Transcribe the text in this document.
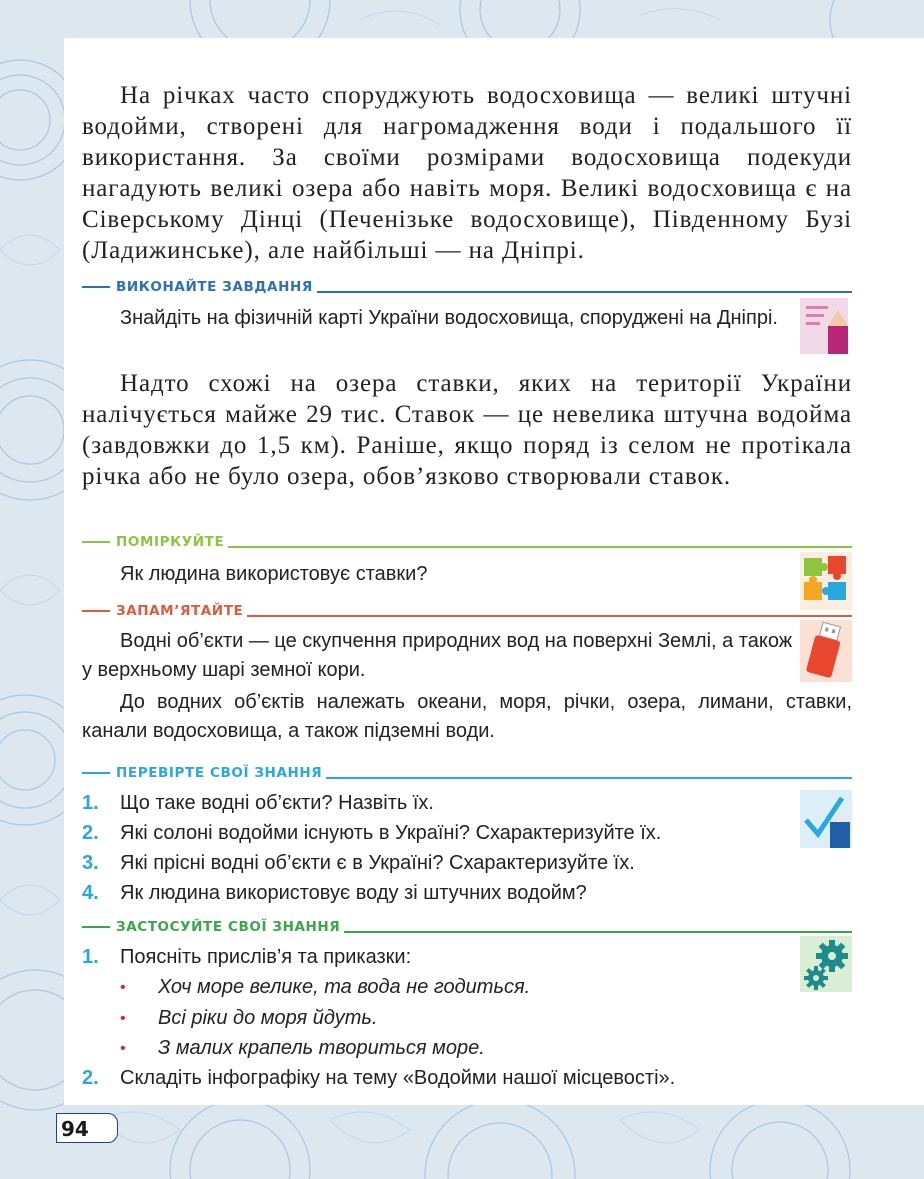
На річках часто споруджують водосховища — великі штучні водойми, створені для нагромадження води і подальшого її використання. За своїми розмірами водосховища подекуди нагадують великі озера або навіть моря. Великі водосховища є на Сіверському Дінці (Печенізьке водосховище), Південному Бузі (Ладижинське), але найбільші — на Дніпрі.

ВИКОНАЙТЕ ЗАВДАННЯ

Знайдіть на фізичній карті України водосховища, споруджені на Дніпрі.

Надто схожі на озера ставки, яких на території України налічується майже 29 тис. Ставок — це невелика штучна водойма (завдовжки до 1,5 км). Раніше, якщо поряд із селом не протікала річка або не було озера, обов’язково створювали ставок.

ПОМІРКУЙТЕ

Як людина використовує ставки?

ЗАПАМ’ЯТАЙТЕ

Водні об’єкти — це скупчення природних вод на поверхні Землі, а також у верхньому шарі земної кори.

До водних об’єктів належать океани, моря, річки, озера, лимани, ставки, канали водосховища, а також підземні води.

ПЕРЕВІРТЕ СВОЇ ЗНАННЯ
1.	Що таке водні об’єкти? Назвіть їх.
2.	Які солоні водойми існують в Україні? Схарактеризуйте їх.
3.	Які прісні водні об’єкти є в Україні? Схарактеризуйте їх.
4.	Як людина використовує воду зі штучних водойм?
ЗАСТОСУЙТЕ СВОЇ ЗНАННЯ
1.	Поясніть прислів’я та приказки:
•	Хоч море велике, та вода не годиться.
•	Всі ріки до моря йдуть.
•	З малих крапель твориться море.
2.	Складіть інфографіку на тему «Водойми нашої місцевості».
94
